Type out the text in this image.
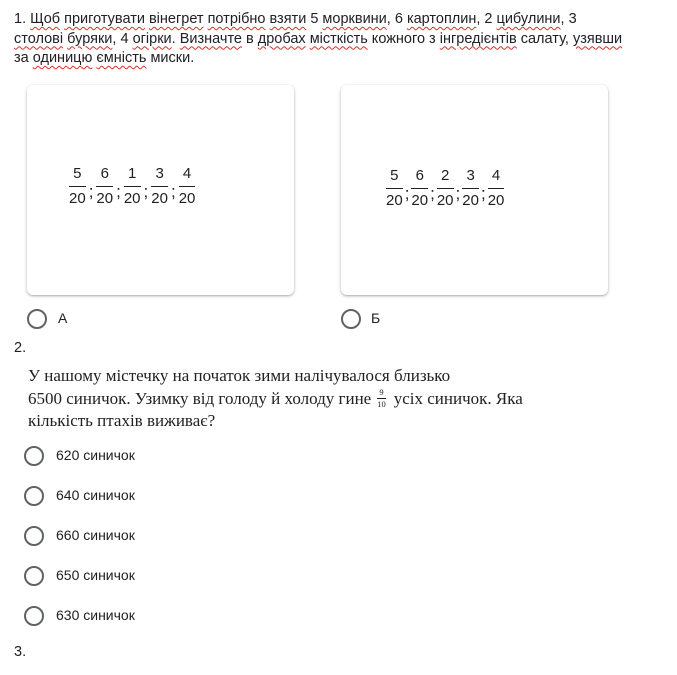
1. Щоб приготувати вінегрет потрібно взяти 5 морквини, 6 картоплин, 2 цибулини, 3 столові буряки, 4 огірки. Визначте в дробах місткість кожного з інгредієнтів салату, узявши за одиницю ємність миски.
$\frac{5}{20}$ ; $\frac{6}{20}$ ; $\frac{1}{20}$ ; $\frac{3}{20}$ ; $\frac{4}{20}$	$\frac{5}{20}$ ; $\frac{6}{20}$ ; $\frac{2}{20}$ ; $\frac{3}{20}$ ; $\frac{4}{20}$
А	Б
2.
У нашому містечку на початок зими налічувалося близько
6500 синичок. Узимку від голоду й холоду гине $\frac{9}{10}$ усіх синичок. Яка
кількість птахів виживає?
620 синичок
640 синичок
660 синичок
650 синичок
630 синичок
3.
